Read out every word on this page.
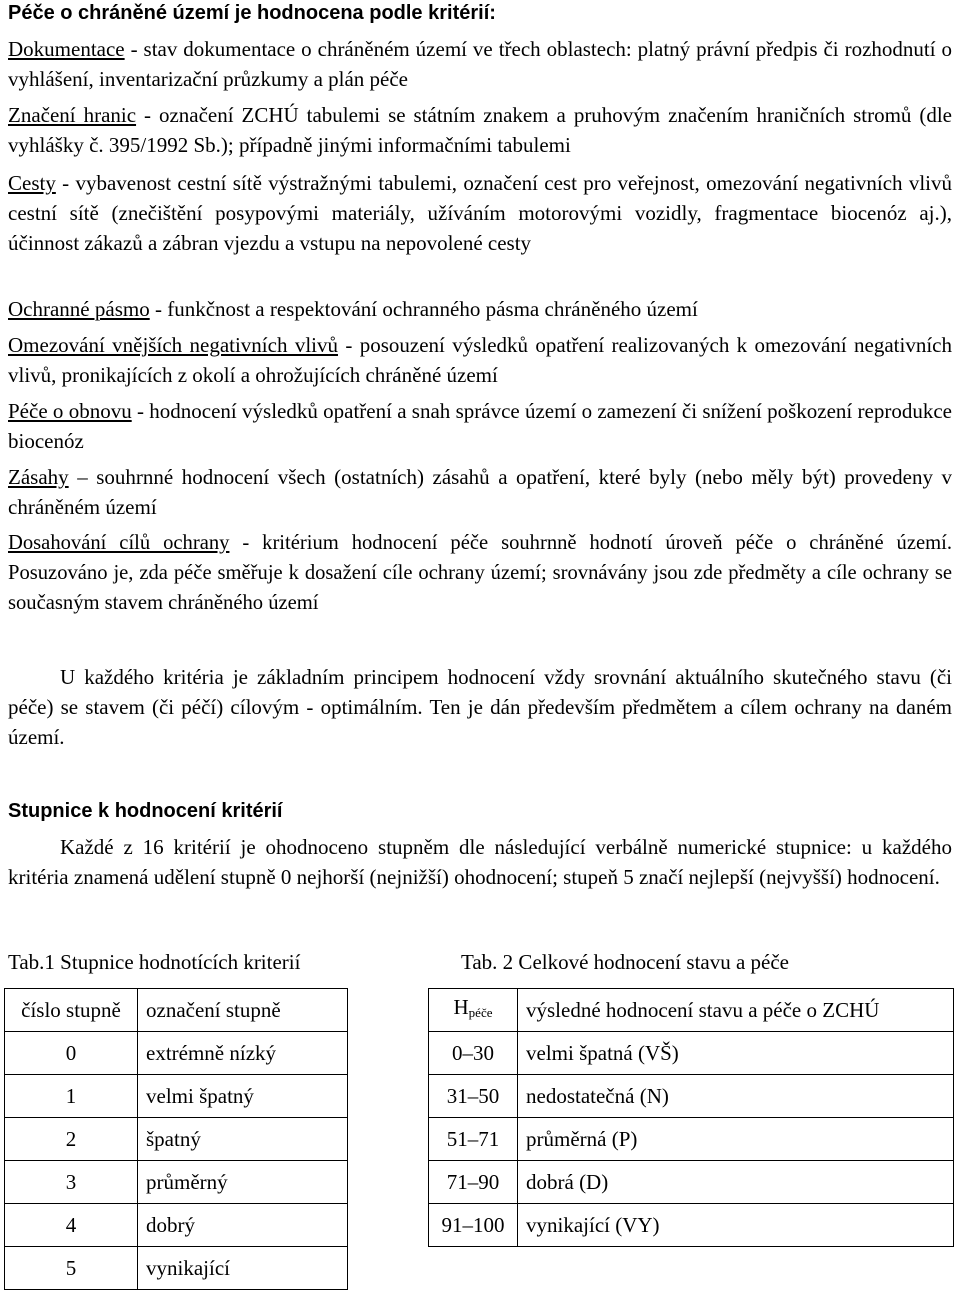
Péče o chráněné území je hodnocena podle kritérií:

Dokumentace - stav dokumentace o chráněném území ve třech oblastech: platný právní předpis či rozhodnutí o vyhlášení, inventarizační průzkumy a plán péče

Značení hranic - označení ZCHÚ tabulemi se státním znakem a pruhovým značením hraničních stromů (dle vyhlášky č. 395/1992 Sb.); případně jinými informačními tabulemi

Cesty - vybavenost cestní sítě výstražnými tabulemi, označení cest pro veřejnost, omezování negativních vlivů cestní sítě (znečištění posypovými materiály, užíváním motorovými vozidly, fragmentace biocenóz aj.), účinnost zákazů a zábran vjezdu a vstupu na nepovolené cesty

Ochranné pásmo - funkčnost a respektování ochranného pásma chráněného území

Omezování vnějších negativních vlivů - posouzení výsledků opatření realizovaných k omezování negativních vlivů, pronikajících z okolí a ohrožujících chráněné území

Péče o obnovu - hodnocení výsledků opatření a snah správce území o zamezení či snížení poškození reprodukce biocenóz

Zásahy – souhrnné hodnocení všech (ostatních) zásahů a opatření, které byly (nebo měly být) provedeny v chráněném území

Dosahování cílů ochrany - kritérium hodnocení péče souhrnně hodnotí úroveň péče o chráněné území. Posuzováno je, zda péče směřuje k dosažení cíle ochrany území; srovnávány jsou zde předměty a cíle ochrany se současným stavem chráněného území

U každého kritéria je základním principem hodnocení vždy srovnání aktuálního skutečného stavu (či péče) se stavem (či péčí) cílovým - optimálním. Ten je dán především předmětem a cílem ochrany na daném území.

Stupnice k hodnocení kritérií

Každé z 16 kritérií je ohodnoceno stupněm dle následující verbálně numerické stupnice: u každého kritéria znamená udělení stupně 0 nejhorší (nejnižší) ohodnocení; stupeň 5 značí nejlepší (nejvyšší) hodnocení.

Tab.1 Stupnice hodnotících kriterií	Tab. 2 Celkové hodnocení stavu a péče
číslo stupně	označení stupně
0	extrémně nízký
1	velmi špatný
2	špatný
3	průměrný
4	dobrý
5	vynikající
$H_{péče}$	výsledné hodnocení stavu a péče o ZCHÚ
0–30	velmi špatná (VŠ)
31–50	nedostatečná (N)
51–71	průměrná (P)
71–90	dobrá (D)
91–100	vynikající (VY)
